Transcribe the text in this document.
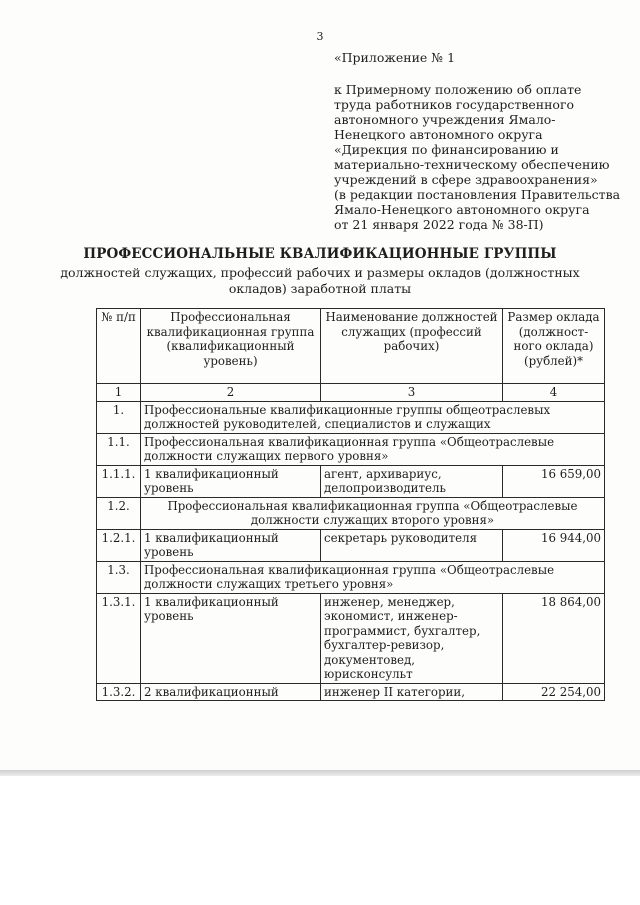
3
«Приложение № 1
к Примерному положению об оплате
труда работников государственного
автономного учреждения Ямало-
Ненецкого автономного округа
«Дирекция по финансированию и
материально-техническому обеспечению
учреждений в сфере здравоохранения»
(в редакции постановления Правительства
Ямало-Ненецкого автономного округа
от 21 января 2022 года № 38-П)
ПРОФЕССИОНАЛЬНЫЕ КВАЛИФИКАЦИОННЫЕ ГРУППЫ
должностей служащих, профессий рабочих и размеры окладов (должностных окладов) заработной платы
№ п/п	Профессиональная квалификационная группа (квалификационный уровень)	Наименование должностей служащих (профессий рабочих)	Размер оклада (должност-ного оклада) (рублей)*
1	2	3	4
1.	Профессиональные квалификационные группы общеотраслевых должностей руководителей, специалистов и служащих		
1.1.	Профессиональная квалификационная группа «Общеотраслевые должности служащих первого уровня»		
1.1.1.	1 квалификационный уровень	агент, архивариус, делопроизводитель	16 659,00
1.2.	Профессиональная квалификационная группа «Общеотраслевые должности служащих второго уровня»		
1.2.1.	1 квалификационный уровень	секретарь руководителя	16 944,00
1.3.	Профессиональная квалификационная группа «Общеотраслевые должности служащих третьего уровня»		
1.3.1.	1 квалификационный уровень	инженер, менеджер, экономист, инженер-программист, бухгалтер, бухгалтер-ревизор, документовед, юрисконсульт	18 864,00
1.3.2.	2 квалификационный	инженер II категории,	22 254,00
